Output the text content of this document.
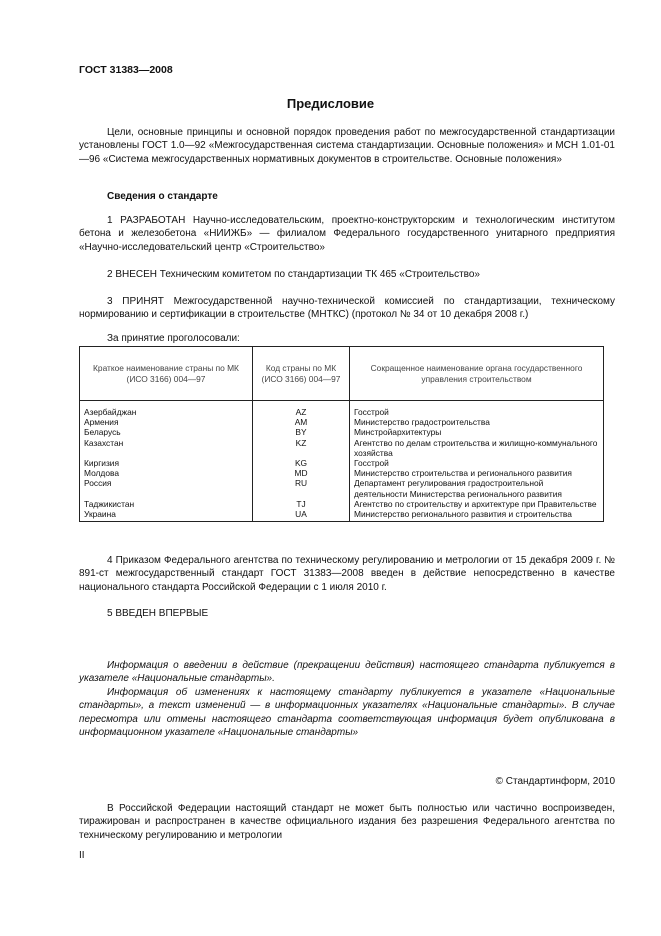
ГОСТ 31383—2008
Предисловие
Цели, основные принципы и основной порядок проведения работ по межгосударственной стандартизации установлены ГОСТ 1.0—92 «Межгосударственная система стандартизации. Основные положения» и МСН 1.01-01—96 «Система межгосударственных нормативных документов в строительстве. Основные положения»
Сведения о стандарте
1 РАЗРАБОТАН Научно-исследовательским, проектно-конструкторским и технологическим институтом бетона и железобетона «НИИЖБ» — филиалом Федерального государственного унитарного предприятия «Научно-исследовательский центр «Строительство»
2 ВНЕСЕН Техническим комитетом по стандартизации ТК 465 «Строительство»
3 ПРИНЯТ Межгосударственной научно-технической комиссией по стандартизации, техническому нормированию и сертификации в строительстве (МНТКС) (протокол № 34 от 10 декабря 2008 г.)
За принятие проголосовали:
Краткое наименование страны по МК (ИСО 3166) 004—97	Код страны по МК (ИСО 3166) 004—97	Сокращенное наименование органа государственного управления строительством
Азербайджан	AZ	Госстрой
Армения	AM	Министерство градостроительства
Беларусь	BY	Минстройархитектуры
Казахстан	KZ	Агентство по делам строительства и жилищно-коммунального хозяйства
Киргизия	KG	Госстрой
Молдова	MD	Министерство строительства и регионального развития
Россия	RU	Департамент регулирования градостроительной деятельности Министерства регионального развития
Таджикистан	TJ	Агентство по строительству и архитектуре при Правительстве
Украина	UA	Министерство регионального развития и строительства
4 Приказом Федерального агентства по техническому регулированию и метрологии от 15 декабря 2009 г. № 891-ст межгосударственный стандарт ГОСТ 31383—2008 введен в действие непосредственно в качестве национального стандарта Российской Федерации с 1 июля 2010 г.
5 ВВЕДЕН ВПЕРВЫЕ
Информация о введении в действие (прекращении действия) настоящего стандарта публикуется в указателе «Национальные стандарты».
Информация об изменениях к настоящему стандарту публикуется в указателе «Национальные стандарты», а текст изменений — в информационных указателях «Национальные стандарты». В случае пересмотра или отмены настоящего стандарта соответствующая информация будет опубликована в информационном указателе «Национальные стандарты»
© Стандартинформ, 2010
В Российской Федерации настоящий стандарт не может быть полностью или частично воспроизведен, тиражирован и распространен в качестве официального издания без разрешения Федерального агентства по техническому регулированию и метрологии
II
